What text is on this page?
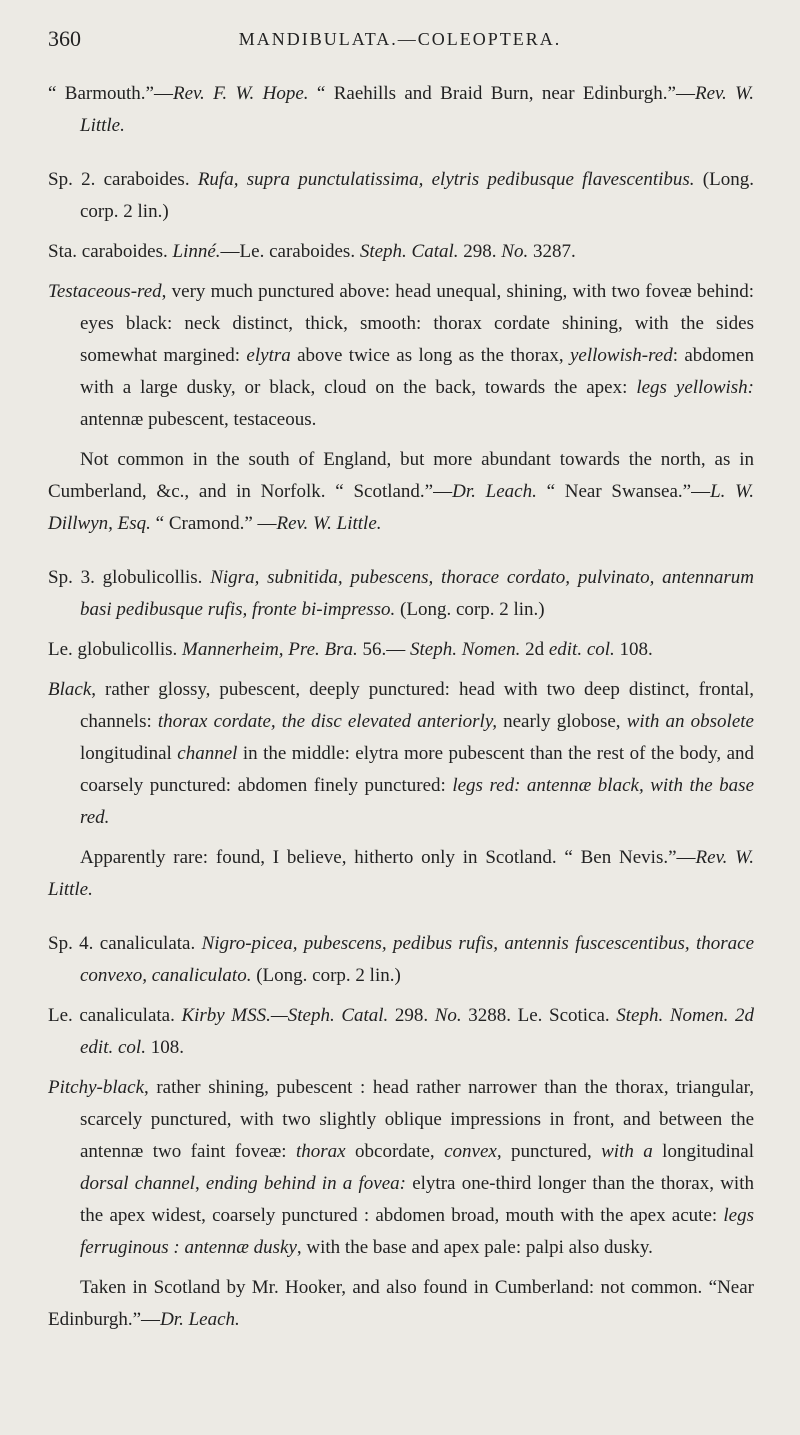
360	MANDIBULATA.—COLEOPTERA.

“ Barmouth.”—Rev. F. W. Hope. “ Raehills and Braid Burn, near Edinburgh.”—Rev. W. Little.

Sp. 2. caraboides. Rufa, supra punctulatissima, elytris pedibusque flavescentibus. (Long. corp. 2 lin.)

Sta. caraboides. Linné.—Le. caraboides. Steph. Catal. 298. No. 3287.

Testaceous-red, very much punctured above: head unequal, shining, with two foveæ behind: eyes black: neck distinct, thick, smooth: thorax cordate shining, with the sides somewhat margined: elytra above twice as long as the thorax, yellowish-red: abdomen with a large dusky, or black, cloud on the back, towards the apex: legs yellowish: antennæ pubescent, testaceous.

Not common in the south of England, but more abundant towards the north, as in Cumberland, &c., and in Norfolk. “ Scotland.”—Dr. Leach. “ Near Swansea.”—L. W. Dillwyn, Esq. “ Cramond.” —Rev. W. Little.

Sp. 3. globulicollis. Nigra, subnitida, pubescens, thorace cordato, pulvinato, antennarum basi pedibusque rufis, fronte bi-impresso. (Long. corp. 2 lin.)

Le. globulicollis. Mannerheim, Pre. Bra. 56.— Steph. Nomen. 2d edit. col. 108.

Black, rather glossy, pubescent, deeply punctured: head with two deep distinct, frontal, channels: thorax cordate, the disc elevated anteriorly, nearly globose, with an obsolete longitudinal channel in the middle: elytra more pubescent than the rest of the body, and coarsely punctured: abdomen finely punctured: legs red: antennæ black, with the base red.

Apparently rare: found, I believe, hitherto only in Scotland. “ Ben Nevis.”—Rev. W. Little.

Sp. 4. canaliculata. Nigro-picea, pubescens, pedibus rufis, antennis fuscescentibus, thorace convexo, canaliculato. (Long. corp. 2 lin.)

Le. canaliculata. Kirby MSS.—Steph. Catal. 298. No. 3288. Le. Scotica. Steph. Nomen. 2d edit. col. 108.

Pitchy-black, rather shining, pubescent : head rather narrower than the thorax, triangular, scarcely punctured, with two slightly oblique impressions in front, and between the antennæ two faint foveæ: thorax obcordate, convex, punctured, with a longitudinal dorsal channel, ending behind in a fovea: elytra one-third longer than the thorax, with the apex widest, coarsely punctured : abdomen broad, mouth with the apex acute: legs ferruginous : antennæ dusky, with the base and apex pale: palpi also dusky.

Taken in Scotland by Mr. Hooker, and also found in Cumberland: not common. “Near Edinburgh.”—Dr. Leach.
